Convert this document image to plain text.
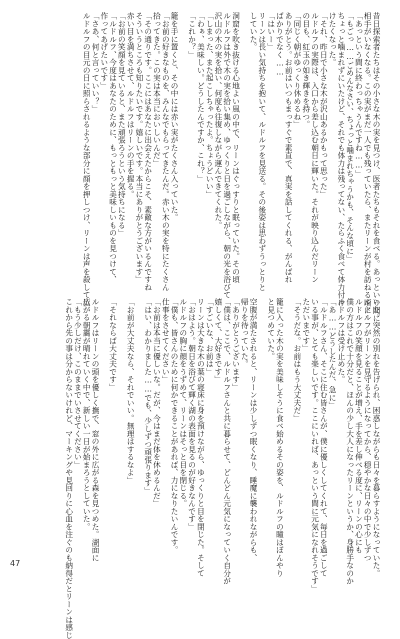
昔日探索者たちはその小さな木の実を見つけ、医者たちもそれを食べる。あっという間に
相手がいなくなる。この実がまだ一人でも残っていたら、またリーンが村を訪ねる頃に
「あっという間に終わっちゃうんですね……」
「もごっ……ごめんなさい、ちょっと噛まれちゃうかも、そんな頃に」
ちょっと噛まれずにいたけど、それでも体力は残ってない、たらふく食べて体力付け
けたくなった。
「それ、昨日で小さな木が沢山あるかもって思った」
ルドルフの実際は、入口から差し込む朝日に輝いた。それが映り込んだリーン
の目も、紅玉の如き輝きを持つ。
「同じく朝がゆっくり休めるね」
ありがとう。お前はいつもまっすぐで素直で、真実を話してくれる、がんばれ
ばかりでなく……
「はいー」
リーンは長い気持ちを抱いて、ルドルフを見送る。その後姿は思わずうっとりと
していた。
洞窟を吹き抜ける心地よい風の中で、リーンはぐっすりと眠っていた。その頃
ルドルフは外で木の実を拾い集め、ゆっくりと日を過ごしながら、朝の光を浴びて
沢山の木の実を拾い、何度も往復しながら運んできてくれた。
「しまった、また起こしちゃったよ。ちょうどいい」
「わぁ、美味しい。どうしたんですか、これ？」
「これか？」
籠を手に置くと、その中には赤い実がたくさん入っていた。
「お前の好きなものを、みんなでもらってきたんだ。赤い木の実を特にたくさん
拾ってきた。この実は本当においしいんだ」
「その通りです。ここにはあなたに出会えたからこそ、素敵な方がいるんですね
そういうところも知りたいです。嬉しいです。本当にありがとうございます」
赤い目を満ちさせて、ルドルフはリーンの手を握る。
「お前の笑顔を見ていると、また頑張ろうという気持ちになる」
「ルドルフ、今度はあなたのために、もっともっと美味しいものを見つけて、
作ってあげたいです」
「さあ、何と言っていい？」
ルドルフの目元の日に照らされるような部分に顔を押しつけ、リーンは声を殺して泣
いた。突然の別れを告げられ、困惑しながらも日々を暮らすようになっていた。
ルドルフがリーンを見守るようになってから、穏やかな日々の中で少しずつ
ルドルフの笑顔を見ることが増え、手を差し伸べる度に、リーンの心にも
僕の方はこれで十分だと、ほんの少し大人になったリーンというか、身勝手なのか
ルドルフは受け止めた。
「あ……どうしたんだ、急に」
「ルドルフさん、そこに住む皆さんが、僕に優しくしてくれて、毎日を過ごして
いる事が、とても楽しいです。ここにいれば、あっという間に元気になれそうです」
ただいまです」
「そうだな。お前はもう大丈夫だ」
籠に入った木の実を美味しそうに食べ始めるその姿を、ルドルフの瞳はぼんやり
と見つめていた。
空腹が満たされると、リーンは少しずつ眠くなり、睡魔に襲われながらも、
帰りを待っていた。
「ありがとうございます」
「僕は、ここで、ルドルフさんと共に暮らせて、どんどん元気になっていく自分が
嬉しくて、大好きです」
「すごいな、お前は」
リーンは大きな木の葉の寝床に身を預けながら、ゆっくりと目を閉じた。そして
「おはよう。朝日を浴びて輝く湖の表面を見るのが好きなんです」
ルドルフの胸に顔をうずめて、リーンはそっと目を閉じる。
「僕も、皆さんのために何かできることがあれば、力になりたいんです。
仕事をさせてください」
「お前は本当に優しいな。だが、今はまだ体を休めるんだ」
「はい、わかりました……でも、少しずつ頑張ります」
「お前が大丈夫なら、それでいい。無理はするなよ」
「それならば大丈夫です」
ルドルフはリーンの頭を優しく撫で、窓の外に広がる森を見つめた。湖面に
広がる朝靄が晴れていく中で、新しい一日が始まろうとしていた。
「もう少しだけ、このままでいさせてください」
これから先の事は分からないけれど、マーキングや見回りに心血を注ぐのも納得だとリーンは感じ
47
